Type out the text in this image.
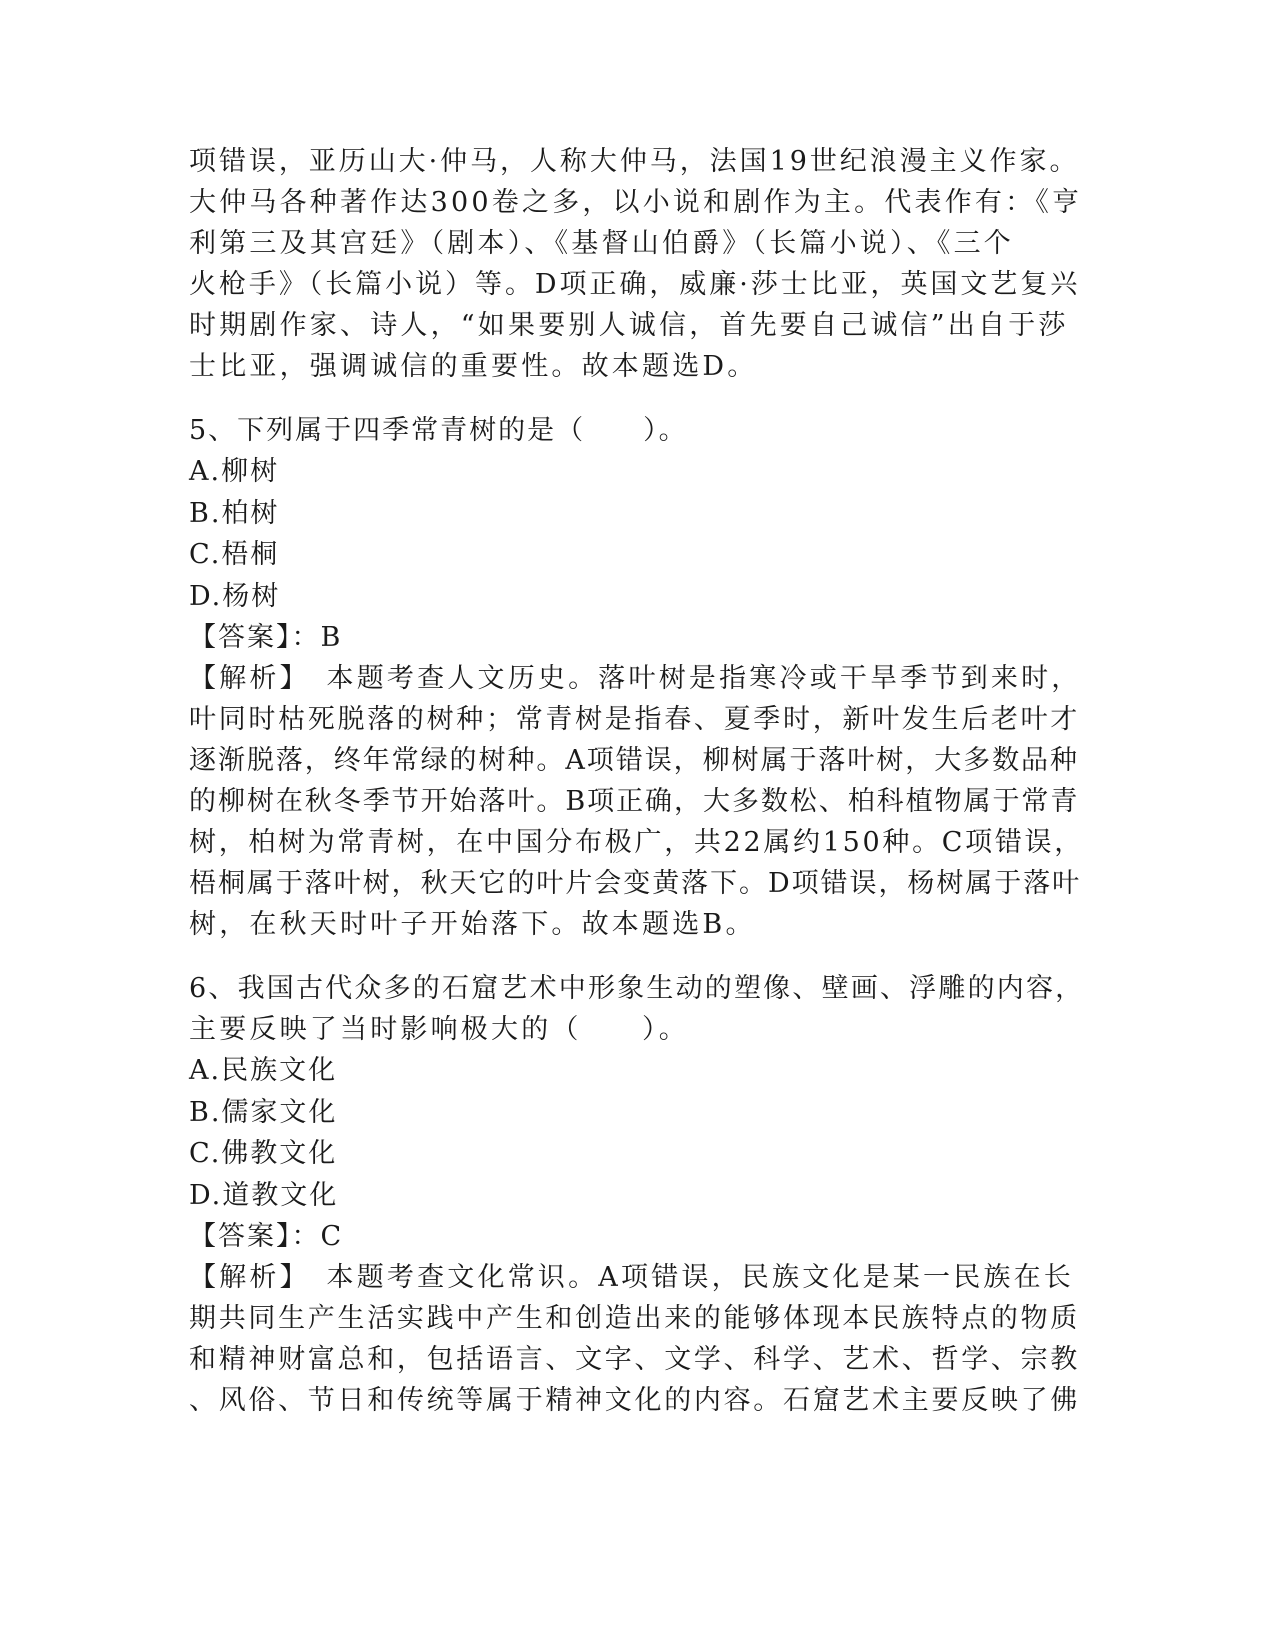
项错误，亚历山大·仲马，人称大仲马，法国19世纪浪漫主义作家。
大仲马各种著作达300卷之多，以小说和剧作为主。代表作有：《亨
利第三及其宫廷》（剧本）、《基督山伯爵》（长篇小说）、《三个
火枪手》（长篇小说）等。D项正确，威廉·莎士比亚，英国文艺复兴
时期剧作家、诗人，“如果要别人诚信，首先要自己诚信”出自于莎
士比亚，强调诚信的重要性。故本题选D。
5、下列属于四季常青树的是（　　）。
A.柳树
B.柏树
C.梧桐
D.杨树
【答案】：B
【解析】　本题考查人文历史。落叶树是指寒冷或干旱季节到来时，
叶同时枯死脱落的树种；常青树是指春、夏季时，新叶发生后老叶才
逐渐脱落，终年常绿的树种。A项错误，柳树属于落叶树，大多数品种
的柳树在秋冬季节开始落叶。B项正确，大多数松、柏科植物属于常青
树，柏树为常青树，在中国分布极广，共22属约150种。C项错误，
梧桐属于落叶树，秋天它的叶片会变黄落下。D项错误，杨树属于落叶
树，在秋天时叶子开始落下。故本题选B。
6、我国古代众多的石窟艺术中形象生动的塑像、壁画、浮雕的内容，
主要反映了当时影响极大的（　　）。
A.民族文化
B.儒家文化
C.佛教文化
D.道教文化
【答案】：C
【解析】　本题考查文化常识。A项错误，民族文化是某一民族在长
期共同生产生活实践中产生和创造出来的能够体现本民族特点的物质
和精神财富总和，包括语言、文字、文学、科学、艺术、哲学、宗教
、风俗、节日和传统等属于精神文化的内容。石窟艺术主要反映了佛
